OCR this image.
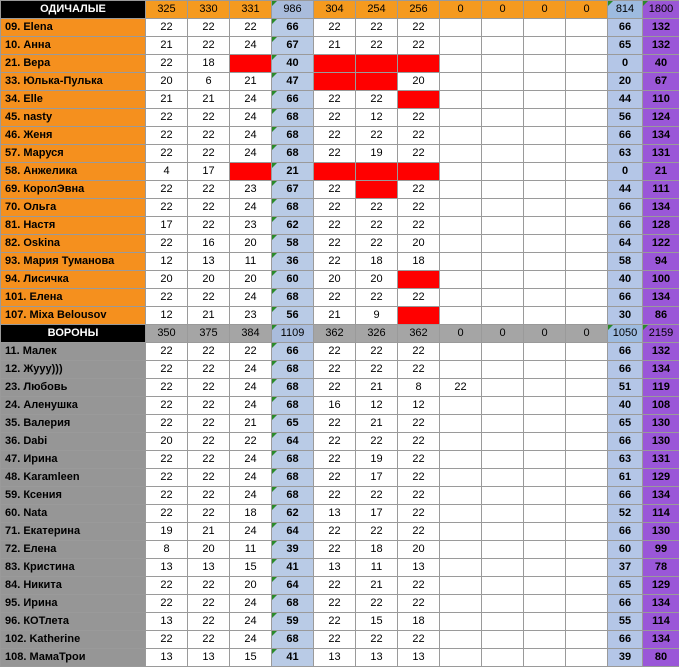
ОДИЧАЛЫЕ	325	330	331	986	304	254	256	0	0	0	0	814	1800
09. Elena	22	22	22	66	22	22	22					66	132
10. Анна	21	22	24	67	21	22	22					65	132
21. Вера	22	18		40								0	40
33. Юлька-Пулька	20	6	21	47			20					20	67
34. Elle	21	21	24	66	22	22						44	110
45. nasty	22	22	24	68	22	12	22					56	124
46. Женя	22	22	24	68	22	22	22					66	134
57. Маруся	22	22	24	68	22	19	22					63	131
58. Анжелика	4	17		21								0	21
69. КоролЭвна	22	22	23	67	22		22					44	111
70. Ольга	22	22	24	68	22	22	22					66	134
81. Настя	17	22	23	62	22	22	22					66	128
82. Oskina	22	16	20	58	22	22	20					64	122
93. Мария Туманова	12	13	11	36	22	18	18					58	94
94. Лисичка	20	20	20	60	20	20						40	100
101. Елена	22	22	24	68	22	22	22					66	134
107. Mixa Belousov	12	21	23	56	21	9						30	86
ВОРОНЫ	350	375	384	1109	362	326	362	0	0	0	0	1050	2159
11. Малек	22	22	22	66	22	22	22					66	132
12. Жууу)))	22	22	24	68	22	22	22					66	134
23. Любовь	22	22	24	68	22	21	8	22				51	119
24. Аленушка	22	22	24	68	16	12	12					40	108
35. Валерия	22	22	21	65	22	21	22					65	130
36. Dabi	20	22	22	64	22	22	22					66	130
47. Ирина	22	22	24	68	22	19	22					63	131
48. Karamleen	22	22	24	68	22	17	22					61	129
59. Ксения	22	22	24	68	22	22	22					66	134
60. Nata	22	22	18	62	13	17	22					52	114
71. Екатерина	19	21	24	64	22	22	22					66	130
72. Елена	8	20	11	39	22	18	20					60	99
83. Кристина	13	13	15	41	13	11	13					37	78
84. Никита	22	22	20	64	22	21	22					65	129
95. Ирина	22	22	24	68	22	22	22					66	134
96. КОТлета	13	22	24	59	22	15	18					55	114
102. Katherine	22	22	24	68	22	22	22					66	134
108. МамаТрои	13	13	15	41	13	13	13					39	80
